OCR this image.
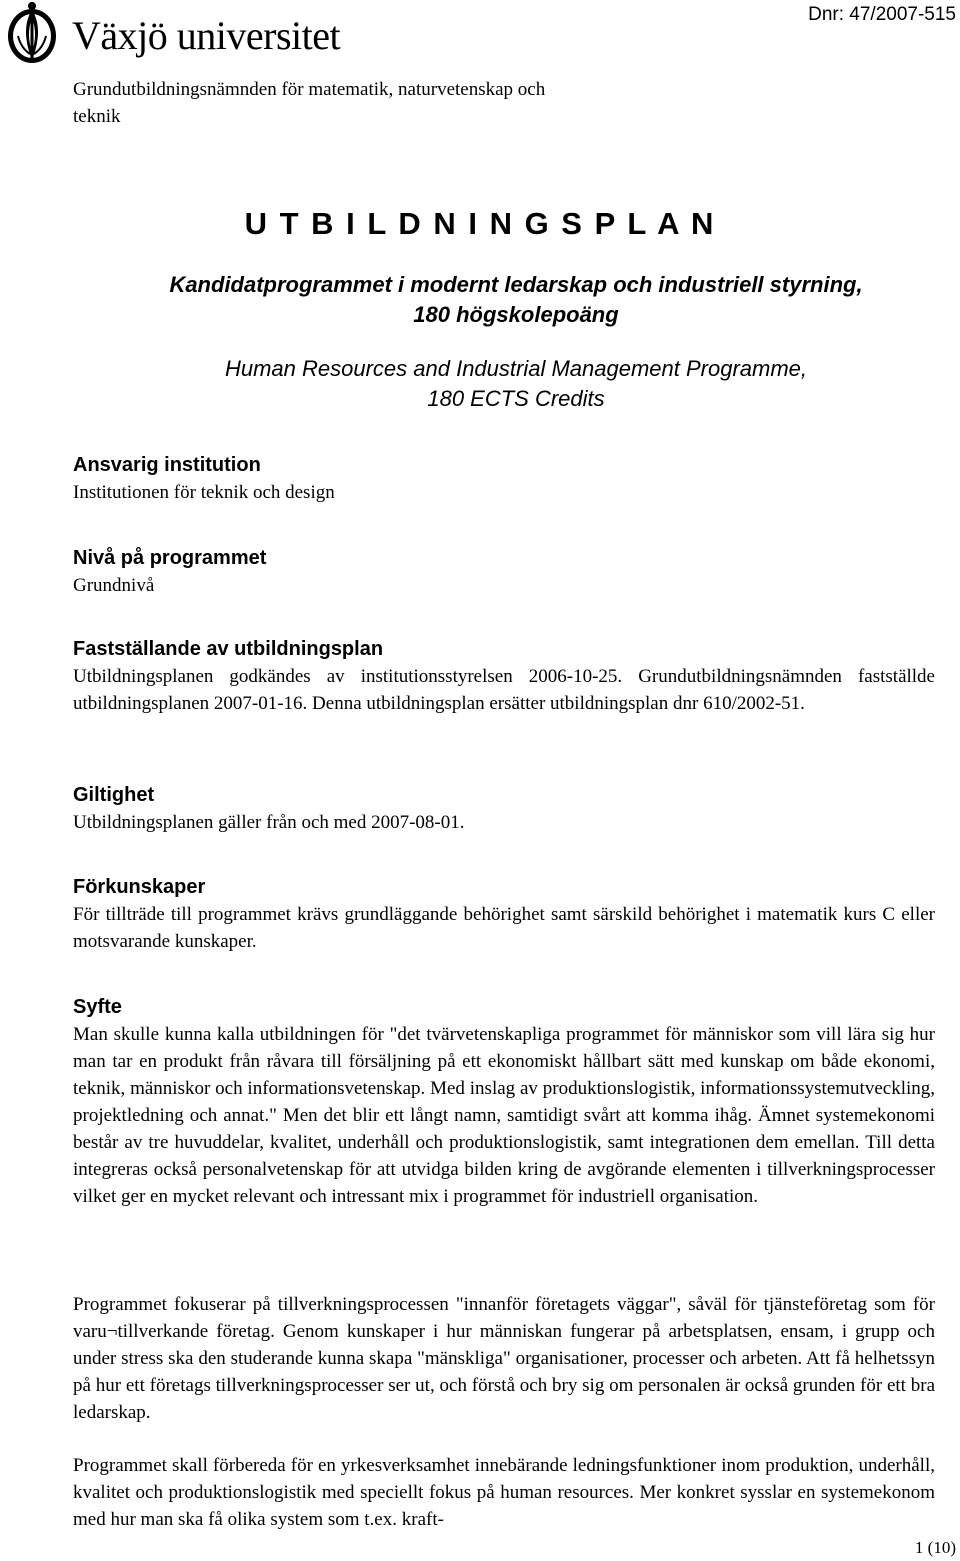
Växjö universitet	Dnr: 47/2007-515
Grundutbildningsnämnden för matematik, naturvetenskap och teknik
U T B I L D N I N G S P L A N
Kandidatprogrammet i modernt ledarskap och industriell styrning,
180 högskolepoäng
Human Resources and Industrial Management Programme,
180 ECTS Credits
Ansvarig institution

Institutionen för teknik och design

Nivå på programmet

Grundnivå

Fastställande av utbildningsplan

Utbildningsplanen godkändes av institutionsstyrelsen 2006-10-25. Grundutbildningsnämnden fastställde utbildningsplanen 2007-01-16. Denna utbildningsplan ersätter utbildningsplan dnr 610/2002-51.

Giltighet

Utbildningsplanen gäller från och med 2007-08-01.

Förkunskaper

För tillträde till programmet krävs grundläggande behörighet samt särskild behörighet i matematik kurs C eller motsvarande kunskaper.

Syfte

Man skulle kunna kalla utbildningen för "det tvärvetenskapliga programmet för människor som vill lära sig hur man tar en produkt från råvara till försäljning på ett ekonomiskt hållbart sätt med kunskap om både ekonomi, teknik, människor och informationsvetenskap. Med inslag av produktionslogistik, informationssystemutveckling, projektledning och annat." Men det blir ett långt namn, samtidigt svårt att komma ihåg. Ämnet systemekonomi består av tre huvuddelar, kvalitet, underhåll och produktionslogistik, samt integrationen dem emellan. Till detta integreras också personalvetenskap för att utvidga bilden kring de avgörande elementen i tillverkningsprocesser vilket ger en mycket relevant och intressant mix i programmet för industriell organisation.

Programmet fokuserar på tillverkningsprocessen "innanför företagets väggar", såväl för tjänsteföretag som för varu¬tillverkande företag. Genom kunskaper i hur människan fungerar på arbetsplatsen, ensam, i grupp och under stress ska den studerande kunna skapa "mänskliga" organisationer, processer och arbeten. Att få helhetssyn på hur ett företags tillverkningsprocesser ser ut, och förstå och bry sig om personalen är också grunden för ett bra ledarskap.

Programmet skall förbereda för en yrkesverksamhet innebärande ledningsfunktioner inom produktion, underhåll, kvalitet och produktionslogistik med speciellt fokus på human resources. Mer konkret sysslar en systemekonom med hur man ska få olika system som t.ex. kraft-

1 (10)
